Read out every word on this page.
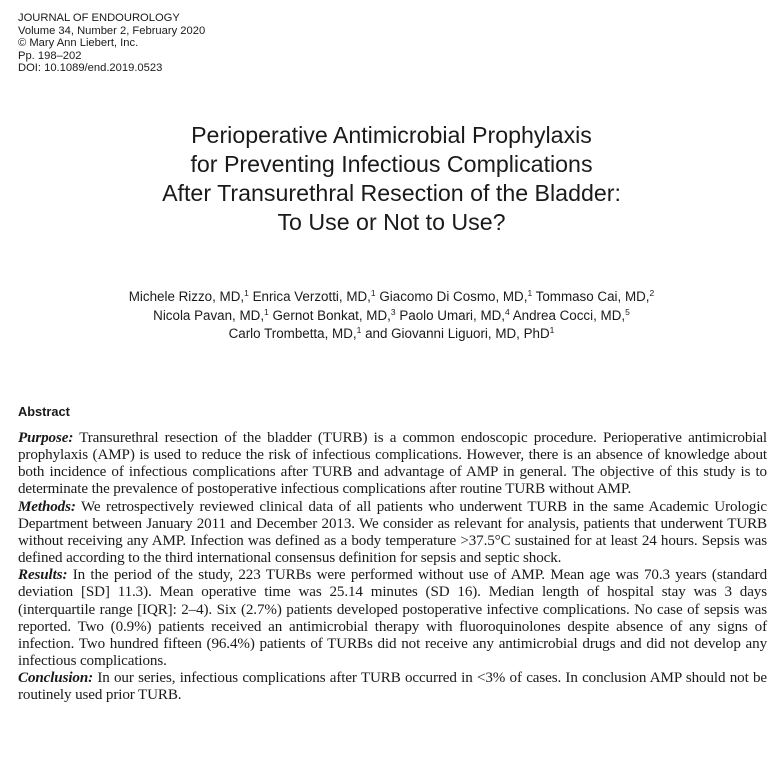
JOURNAL OF ENDOUROLOGY
Volume 34, Number 2, February 2020
© Mary Ann Liebert, Inc.
Pp. 198–202
DOI: 10.1089/end.2019.0523
Perioperative Antimicrobial Prophylaxis
for Preventing Infectious Complications
After Transurethral Resection of the Bladder:
To Use or Not to Use?
Michele Rizzo, MD,$^1$ Enrica Verzotti, MD,$^1$ Giacomo Di Cosmo, MD,$^1$ Tommaso Cai, MD,$^2$
Nicola Pavan, MD,$^1$ Gernot Bonkat, MD,$^3$ Paolo Umari, MD,$^4$ Andrea Cocci, MD,$^5$
Carlo Trombetta, MD,$^1$ and Giovanni Liguori, MD, PhD$^1$
Abstract

Purpose: Transurethral resection of the bladder (TURB) is a common endoscopic procedure. Perioperative antimicrobial prophylaxis (AMP) is used to reduce the risk of infectious complications. However, there is an absence of knowledge about both incidence of infectious complications after TURB and advantage of AMP in general. The objective of this study is to determinate the prevalence of postoperative infectious complications after routine TURB without AMP.

Methods: We retrospectively reviewed clinical data of all patients who underwent TURB in the same Academic Urologic Department between January 2011 and December 2013. We consider as relevant for analysis, patients that underwent TURB without receiving any AMP. Infection was defined as a body temperature >37.5°C sustained for at least 24 hours. Sepsis was defined according to the third international consensus definition for sepsis and septic shock.

Results: In the period of the study, 223 TURBs were performed without use of AMP. Mean age was 70.3 years (standard deviation [SD] 11.3). Mean operative time was 25.14 minutes (SD 16). Median length of hospital stay was 3 days (interquartile range [IQR]: 2–4). Six (2.7%) patients developed postoperative infective complications. No case of sepsis was reported. Two (0.9%) patients received an antimicrobial therapy with fluoroquinolones despite absence of any signs of infection. Two hundred fifteen (96.4%) patients of TURBs did not receive any antimicrobial drugs and did not develop any infectious complications.

Conclusion: In our series, infectious complications after TURB occurred in <3% of cases. In conclusion AMP should not be routinely used prior TURB.
